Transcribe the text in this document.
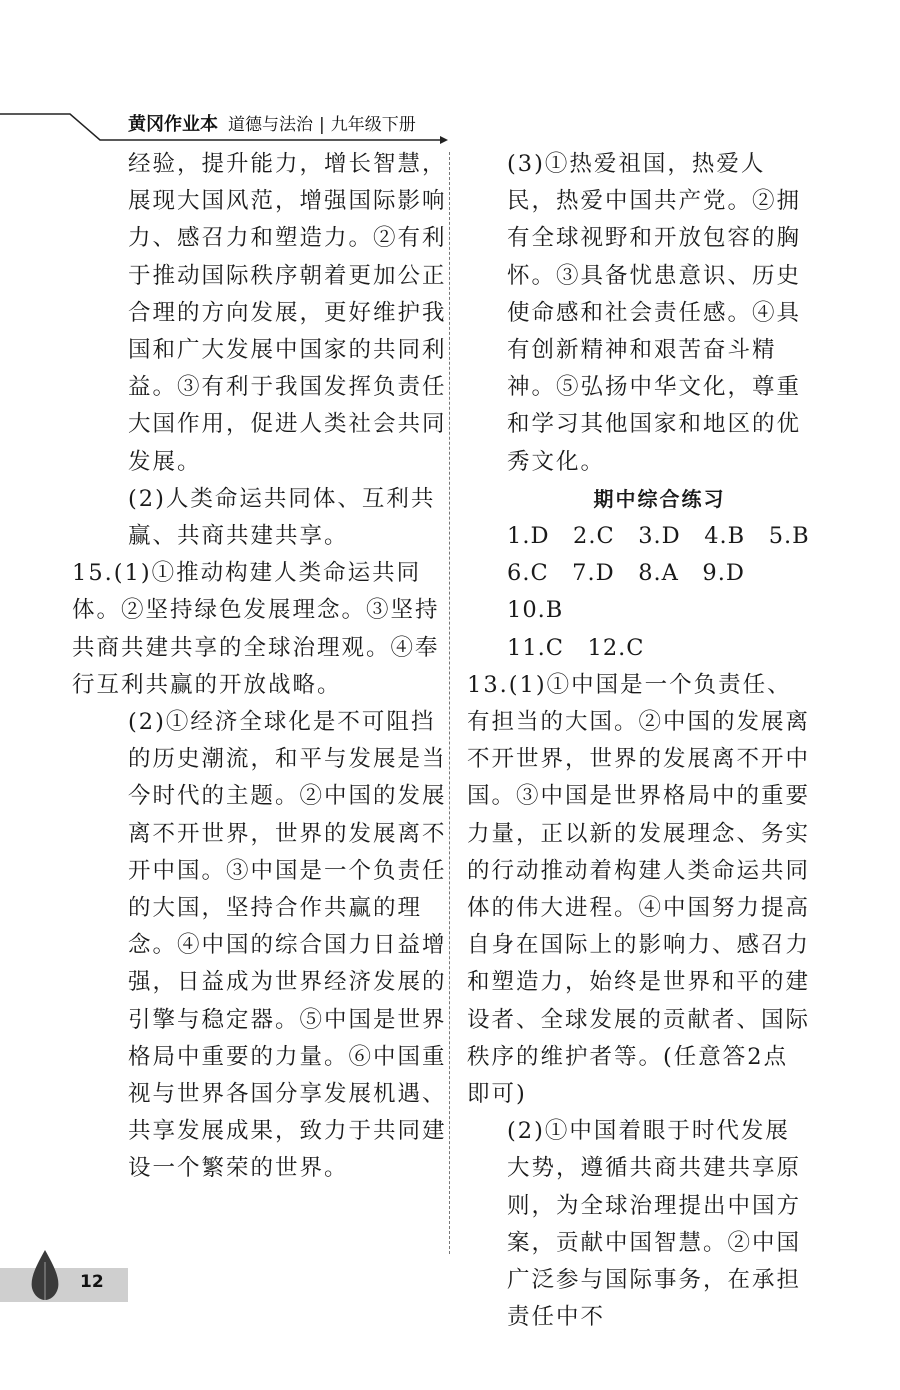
黄冈作业本 道德与法治 | 九年级下册

经验，提升能力，增长智慧，展现大国风范，增强国际影响力、感召力和塑造力。②有利于推动国际秩序朝着更加公正合理的方向发展，更好维护我国和广大发展中国家的共同利益。③有利于我国发挥负责任大国作用，促进人类社会共同发展。

(2)人类命运共同体、互利共赢、共商共建共享。

15.(1)①推动构建人类命运共同体。②坚持绿色发展理念。③坚持共商共建共享的全球治理观。④奉行互利共赢的开放战略。

(2)①经济全球化是不可阻挡的历史潮流，和平与发展是当今时代的主题。②中国的发展离不开世界，世界的发展离不开中国。③中国是一个负责任的大国，坚持合作共赢的理念。④中国的综合国力日益增强，日益成为世界经济发展的引擎与稳定器。⑤中国是世界格局中重要的力量。⑥中国重视与世界各国分享发展机遇、共享发展成果，致力于共同建设一个繁荣的世界。

(3)①热爱祖国，热爱人民，热爱中国共产党。②拥有全球视野和开放包容的胸怀。③具备忧患意识、历史使命感和社会责任感。④具有创新精神和艰苦奋斗精神。⑤弘扬中华文化，尊重和学习其他国家和地区的优秀文化。

期中综合练习

1.D　2.C　3.D　4.B　5.B

6.C　7.D　8.A　9.D　10.B

11.C　12.C

13.(1)①中国是一个负责任、有担当的大国。②中国的发展离不开世界，世界的发展离不开中国。③中国是世界格局中的重要力量，正以新的发展理念、务实的行动推动着构建人类命运共同体的伟大进程。④中国努力提高自身在国际上的影响力、感召力和塑造力，始终是世界和平的建设者、全球发展的贡献者、国际秩序的维护者等。(任意答2点即可)

(2)①中国着眼于时代发展大势，遵循共商共建共享原则，为全球治理提出中国方案，贡献中国智慧。②中国广泛参与国际事务，在承担责任中不

12
